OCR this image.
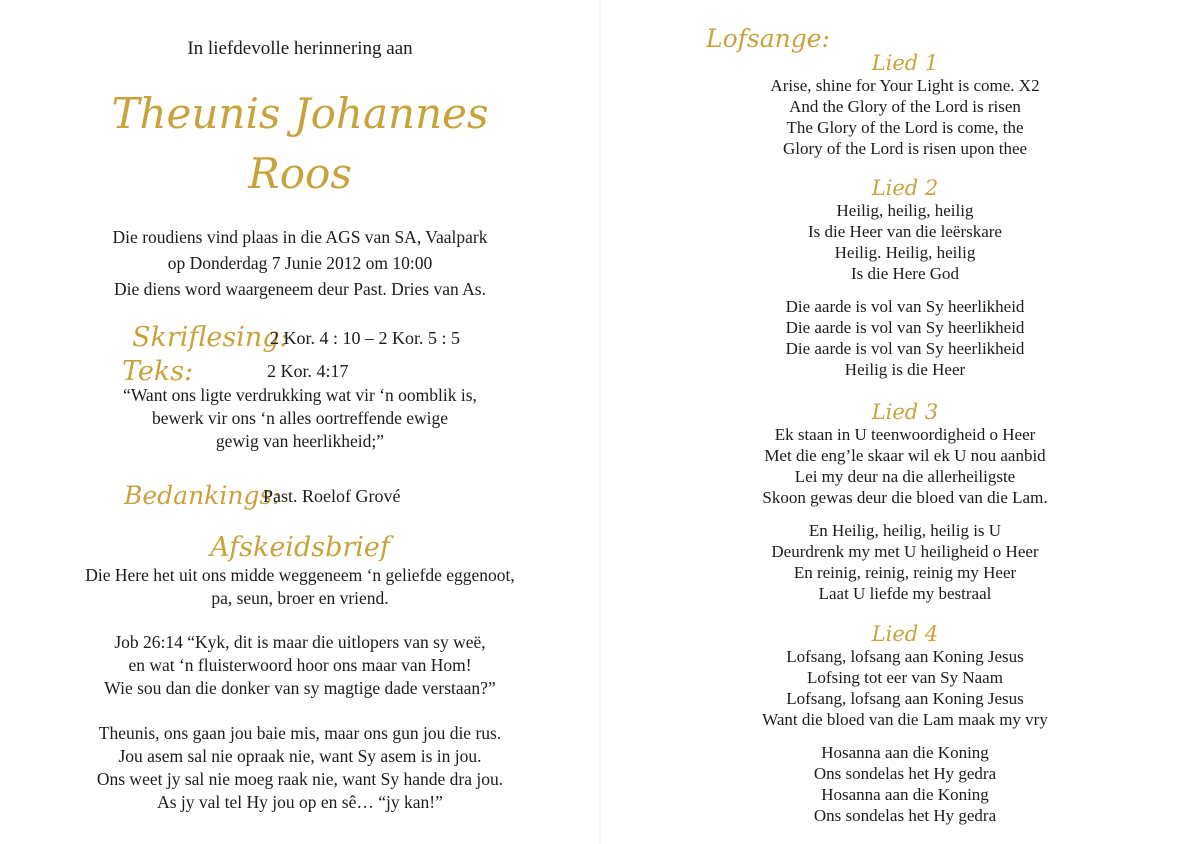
In liefdevolle herinnering aan
Theunis Johannes
Roos
Die roudiens vind plaas in die AGS van SA, Vaalpark
op Donderdag 7 Junie 2012 om 10:00
Die diens word waargeneem deur Past. Dries van As.
Skriflesing:
2 Kor. 4 : 10 – 2 Kor. 5 : 5
Teks:	2 Kor. 4:17
“Want ons ligte verdrukking wat vir ‘n oomblik is,
bewerk vir ons ‘n alles oortreffende ewige
gewig van heerlikheid;”
Bedankings:
Past. Roelof Grové
Afskeidsbrief
Die Here het uit ons midde weggeneem ‘n geliefde eggenoot,
pa, seun, broer en vriend.
Job 26:14 “Kyk, dit is maar die uitlopers van sy weë,
en wat ‘n fluisterwoord hoor ons maar van Hom!
Wie sou dan die donker van sy magtige dade verstaan?”
Theunis, ons gaan jou baie mis, maar ons gun jou die rus.
Jou asem sal nie opraak nie, want Sy asem is in jou.
Ons weet jy sal nie moeg raak nie, want Sy hande dra jou.
As jy val tel Hy jou op en sê… “jy kan!”
Lofsange:
Lied 1
Arise, shine for Your Light is come. X2
And the Glory of the Lord is risen
The Glory of the Lord is come, the
Glory of the Lord is risen upon thee
Lied 2
Heilig, heilig, heilig
Is die Heer van die leërskare
Heilig. Heilig, heilig
Is die Here God
Die aarde is vol van Sy heerlikheid
Die aarde is vol van Sy heerlikheid
Die aarde is vol van Sy heerlikheid
Heilig is die Heer
Lied 3
Ek staan in U teenwoordigheid o Heer
Met die eng’le skaar wil ek U nou aanbid
Lei my deur na die allerheiligste
Skoon gewas deur die bloed van die Lam.
En Heilig, heilig, heilig is U
Deurdrenk my met U heiligheid o Heer
En reinig, reinig, reinig my Heer
Laat U liefde my bestraal
Lied 4
Lofsang, lofsang aan Koning Jesus
Lofsing tot eer van Sy Naam
Lofsang, lofsang aan Koning Jesus
Want die bloed van die Lam maak my vry
Hosanna aan die Koning
Ons sondelas het Hy gedra
Hosanna aan die Koning
Ons sondelas het Hy gedra
